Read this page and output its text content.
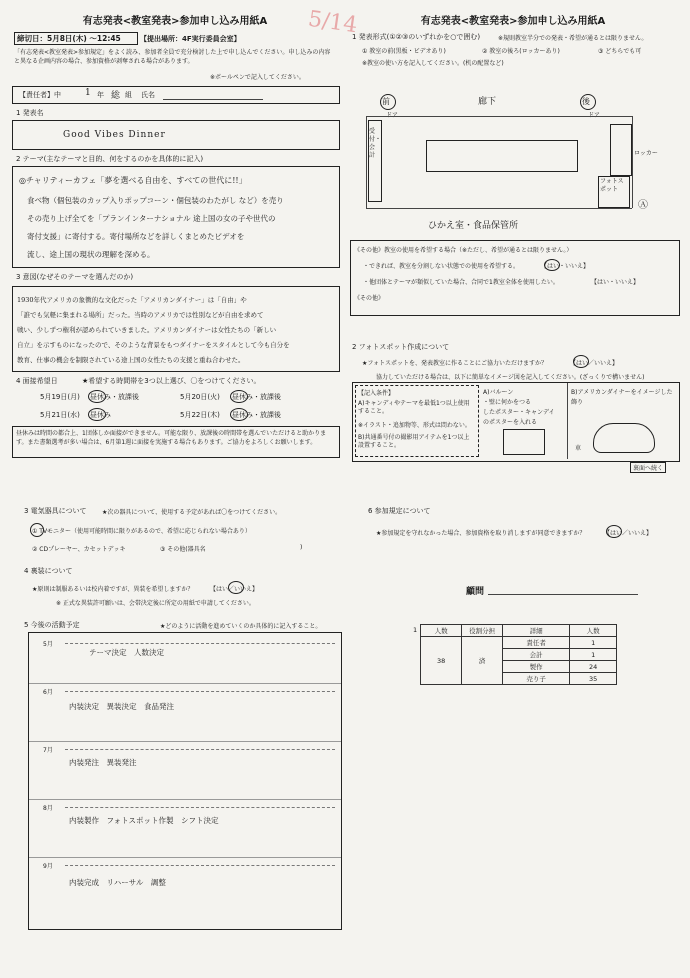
有志発表<教室発表>参加申し込み用紙A
締切日：5月8日(木) ～12:45	【提出場所：4F実行委員会室】
「有志発表<教室発表>参加規定」をよく読み、参加者全員で充分検討した上で申し込んでください。申し込みの内容と異なる企画内容の場合、参加資格が剥奪される場合があります。
※ボールペンで記入してください。
【責任者】中	1 年 総 組 氏名
1 発表名
Good Vibes Dinner
2 テーマ(主なテーマと目的、何をするのかを具体的に記入)
◎チャリティーカフェ「夢を選べる自由を、すべての世代に!!」
食べ物（個包装のカップ入りポップコーン・個包装のわたがし など）を売り
その売り上げ全てを「プランインターナショナル 途上国の女の子や世代の
寄付支援」に寄付する。寄付場所などを詳しくまとめたビデオを
流し、途上国の現状の理解を深める。
3 意図(なぜそのテーマを選んだのか)
1930年代アメリカの象徴的な文化だった「アメリカンダイナー」は「自由」や
「誰でも気軽に集まれる場所」だった。当時のアメリカでは性別などが自由を求めて
戦い、少しずつ権利が認められていきました。アメリカンダイナーは女性たちの「新しい
自立」を示すものになったので、そのような背景をもつダイナーをスタイルとして今も自分を
教育、仕事の機会を制限されている途上国の女性たちの支援と重ね合わせた。
4 面接希望日	★希望する時間帯を3つ以上選び、〇をつけてください。
5月19日(月) 昼休み・放課後	5月20日(火) 昼休み・放課後
5月21日(水) 昼休み	5月22日(木) 昼休み・放課後
昼休みは時間の都合上、1団体しか面接ができません。可能な限り、放課後の時間帯を選んでいただけると助かります。また書類選考が多い場合は、6月第1週に面接を実施する場合もあります。ご協力をよろしくお願いします。
5/14	有志発表<教室発表>参加申し込み用紙A
1 発表形式(①②③のいずれかを○で囲む)	※規則教室半分での発表・希望が通るとは限りません。
① 教室の前(黒板・ビデオあり)	② 教室の後ろ(ロッカーあり)	③ どちらでも可
※教室の使い方を記入してください。(机の配置など)
前	廊下	後
ドア	ドア
受付・会計	ロッカー
フォトスポット
Ⓐ
ひかえ室・食品保管所
《その他》教室の使用を希望する場合（※ただし、希望が通るとは限りません。）
・できれば、教室を分割しない状態での使用を希望する。	【はい・いいえ】
・他団体とテーマが類似していた場合、合同で1教室全体を使用したい。	【はい・いいえ】
《その他》
2 フォトスポット作成について
★フォトスポットを、発表教室に作ることにご協力いただけますか？	【はい／いいえ】
協力していただける場合は、以下に簡単なイメージ図を記入してください。(ざっくりで構いません)
【記入条件】
A)キャンディやテーマを最低1つ以上使用すること。
※イラスト・追加物等、形式は問わない。
B)共通番号付の撮影用アイテムを1つ以上設置すること。
A)バルーン
・壁に何かをつる
したポスター・キャンデイ
のポスターを入れる
B)アメリカンダイナーをイメージした
飾り
車
裏面へ続く
3 電気器具について	★次の器具について、使用する予定があれば〇をつけてください。
① TVモニター（使用可能時間に限りがあるので、希望に応じられない場合あり）
② CDプレーヤー、カセットデッキ	③ その他(器具名	)
4 裏装について
★原則は制服あるいは校内着ですが、異装を希望しますか？	【はい／いいえ】
※ 正式な異装許可願いは、会帯決定後に所定の用紙で申請してください。
5 今後の活動予定	★どのように活動を進めていくのか具体的に記入すること。
5月
テーマ決定　人数決定
6月
内装決定　異装決定　食品発注
7月
内装発注　異装発注
8月
内装製作　フォトスポット作製　シフト決定
9月
内装完成　リハーサル　調整
6 参加規定について
★参加規定を守れなかった場合、参加資格を取り消しますが同意できますか？	【はい／いいえ】
顧問
1	人数	役割分担	詳細	人数
	38	済	責任者	1
			会計	1
			製作	24
			売り子	35
